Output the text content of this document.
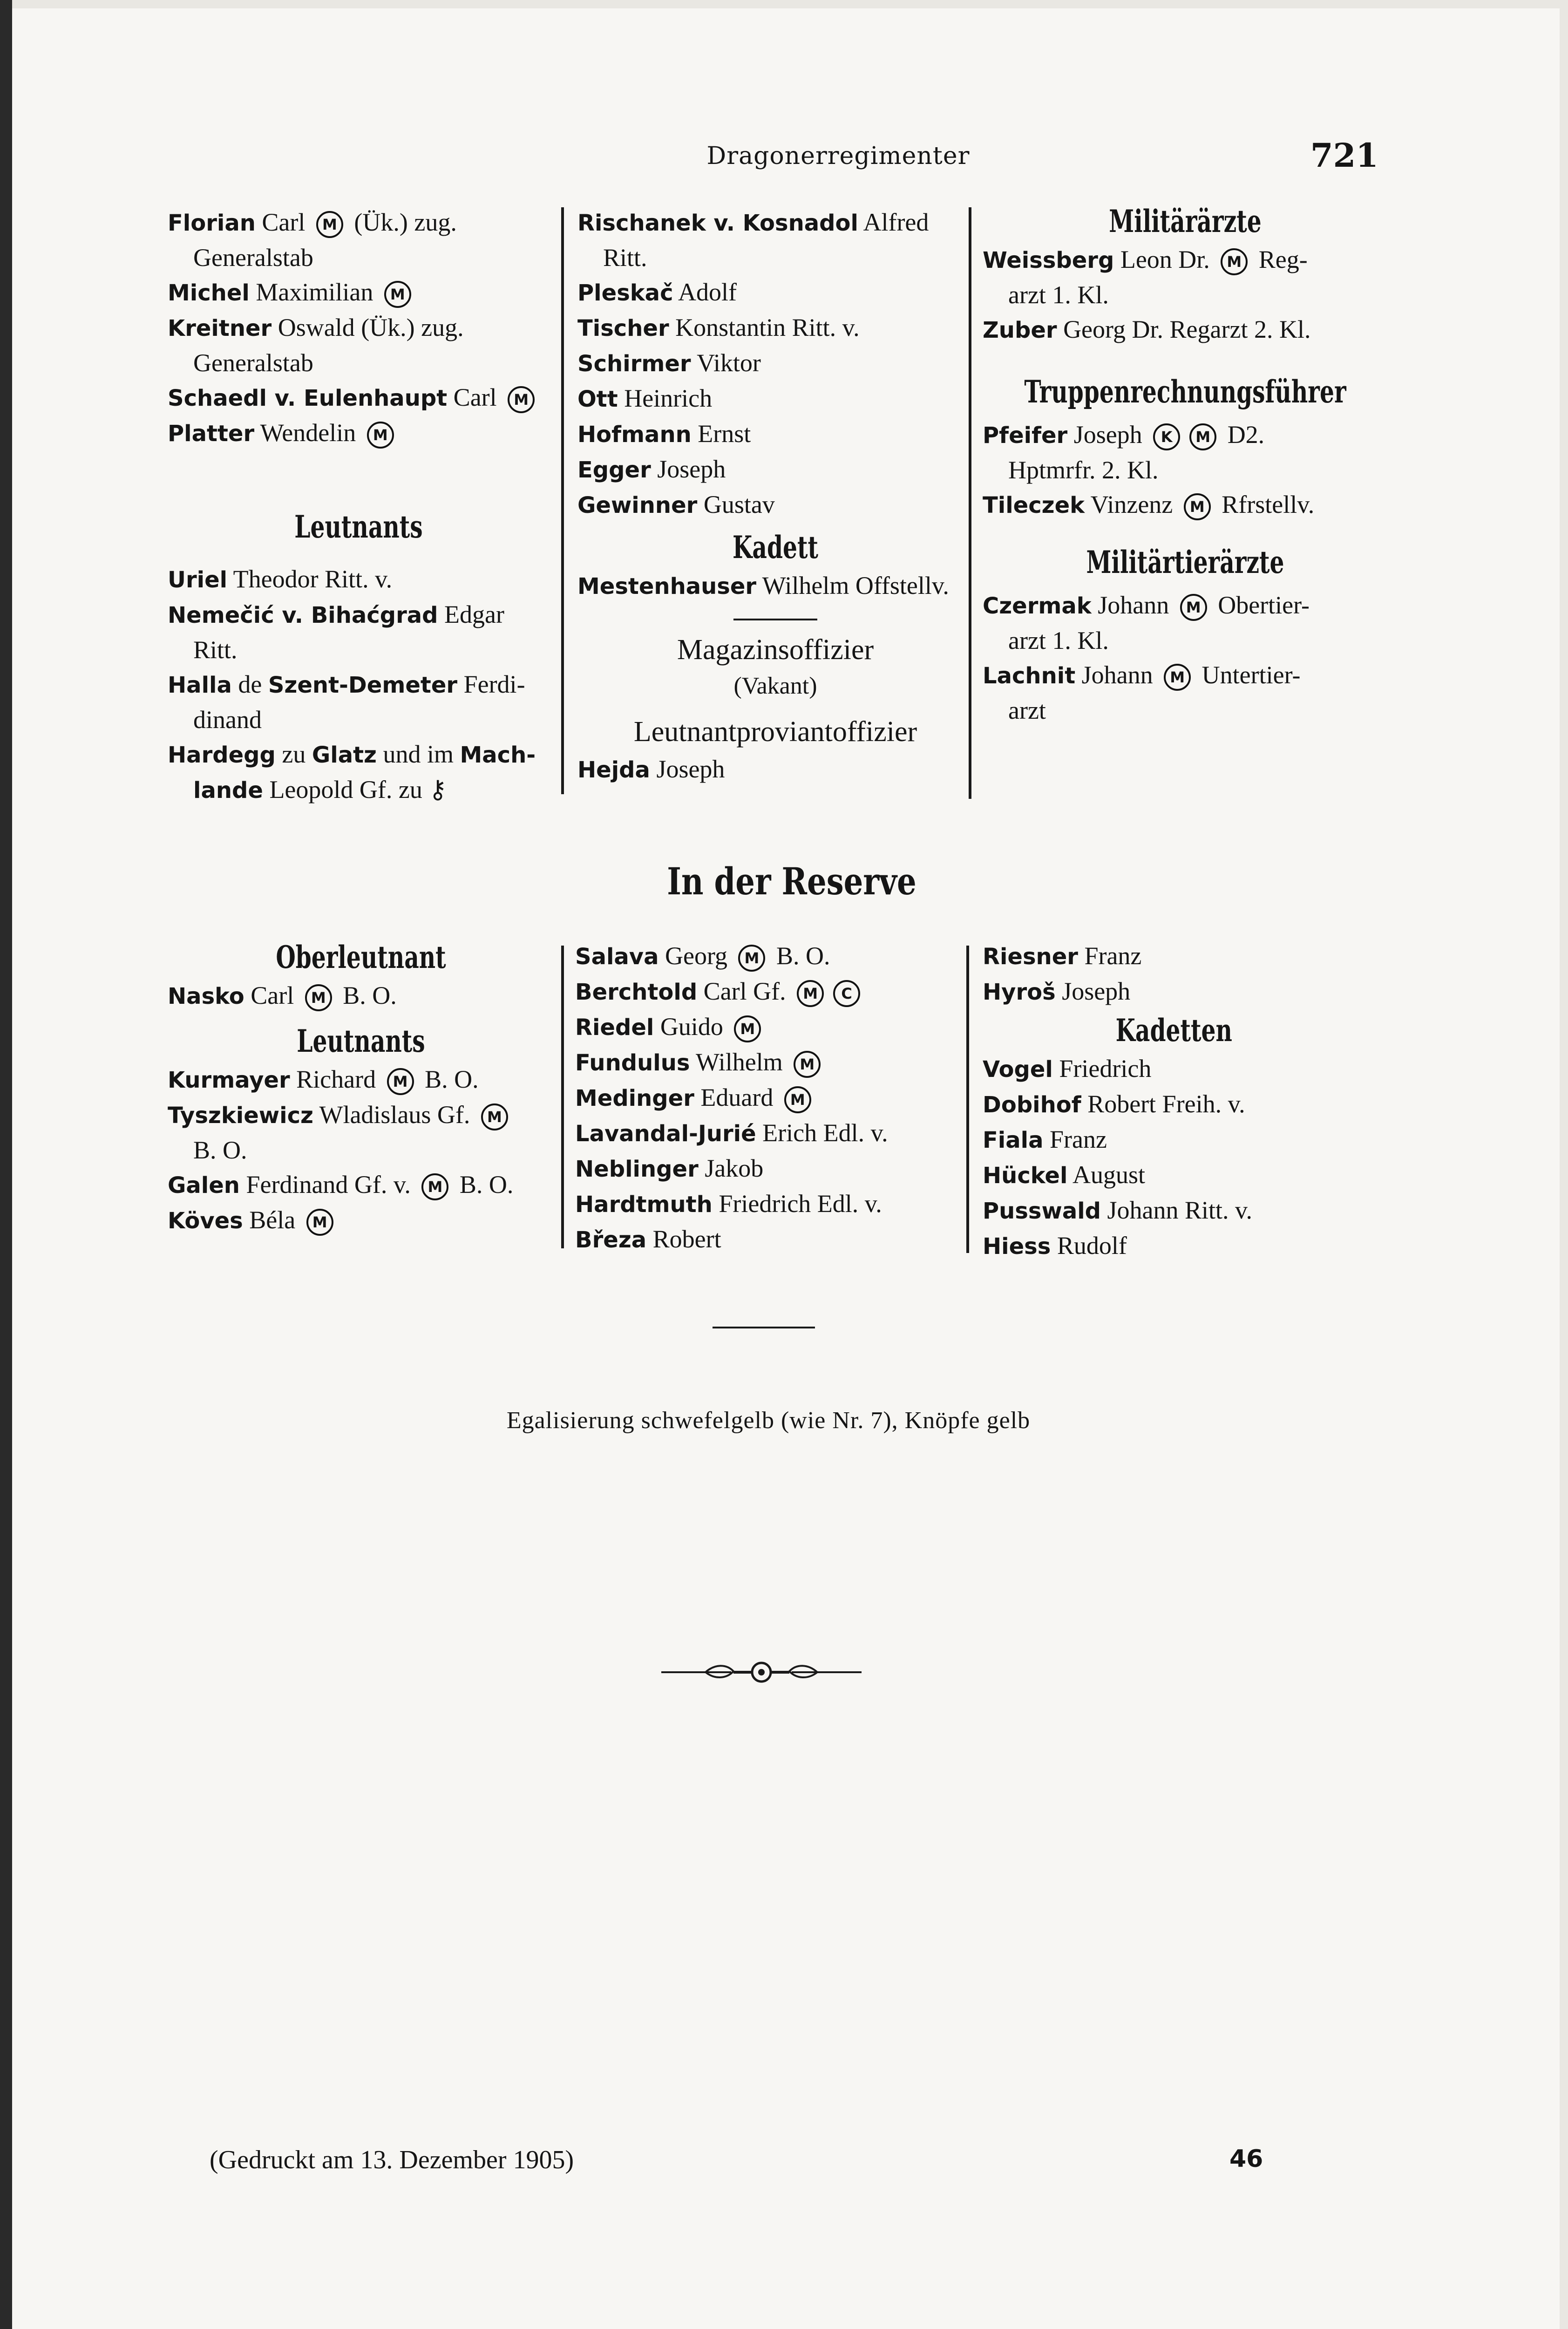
Dragonerregimenter	721
Florian Carl M (Ük.) zug.
Generalstab
Michel Maximilian M
Kreitner Oswald (Ük.) zug.
Generalstab
Schaedl v. Eulenhaupt Carl M
Platter Wendelin M
Leutnants
Uriel Theodor Ritt. v.
Nemečić v. Bihaćgrad Edgar
Ritt.
Halla de Szent-Demeter Ferdi-
dinand
Hardegg zu Glatz und im Mach-
lande Leopold Gf. zu ⚷
Rischanek v. Kosnadol Alfred
Ritt.
Pleskač Adolf
Tischer Konstantin Ritt. v.
Schirmer Viktor
Ott Heinrich
Hofmann Ernst
Egger Joseph
Gewinner Gustav
Kadett
Mestenhauser Wilhelm Offstellv.
Magazinsoffizier
(Vakant)
Leutnantproviantoffizier
Hejda Joseph
Militärärzte
Weissberg Leon Dr. M Reg-
arzt 1. Kl.
Zuber Georg Dr. Regarzt 2. Kl.
Truppenrechnungsführer
Pfeifer Joseph K M D2.
Hptmrfr. 2. Kl.
Tileczek Vinzenz M Rfrstellv.
Militärtierärzte
Czermak Johann M Obertier-
arzt 1. Kl.
Lachnit Johann M Untertier-
arzt
In der Reserve
Oberleutnant
Nasko Carl M B. O.
Leutnants
Kurmayer Richard M B. O.
Tyszkiewicz Wladislaus Gf. M
B. O.
Galen Ferdinand Gf. v. M B. O.
Köves Béla M
Salava Georg M B. O.
Berchtold Carl Gf. M C
Riedel Guido M
Fundulus Wilhelm M
Medinger Eduard M
Lavandal-Jurié Erich Edl. v.
Neblinger Jakob
Hardtmuth Friedrich Edl. v.
Březa Robert
Riesner Franz
Hyroš Joseph
Kadetten
Vogel Friedrich
Dobihof Robert Freih. v.
Fiala Franz
Hückel August
Pusswald Johann Ritt. v.
Hiess Rudolf
Egalisierung schwefelgelb (wie Nr. 7), Knöpfe gelb
(Gedruckt am 13. Dezember 1905)	46
